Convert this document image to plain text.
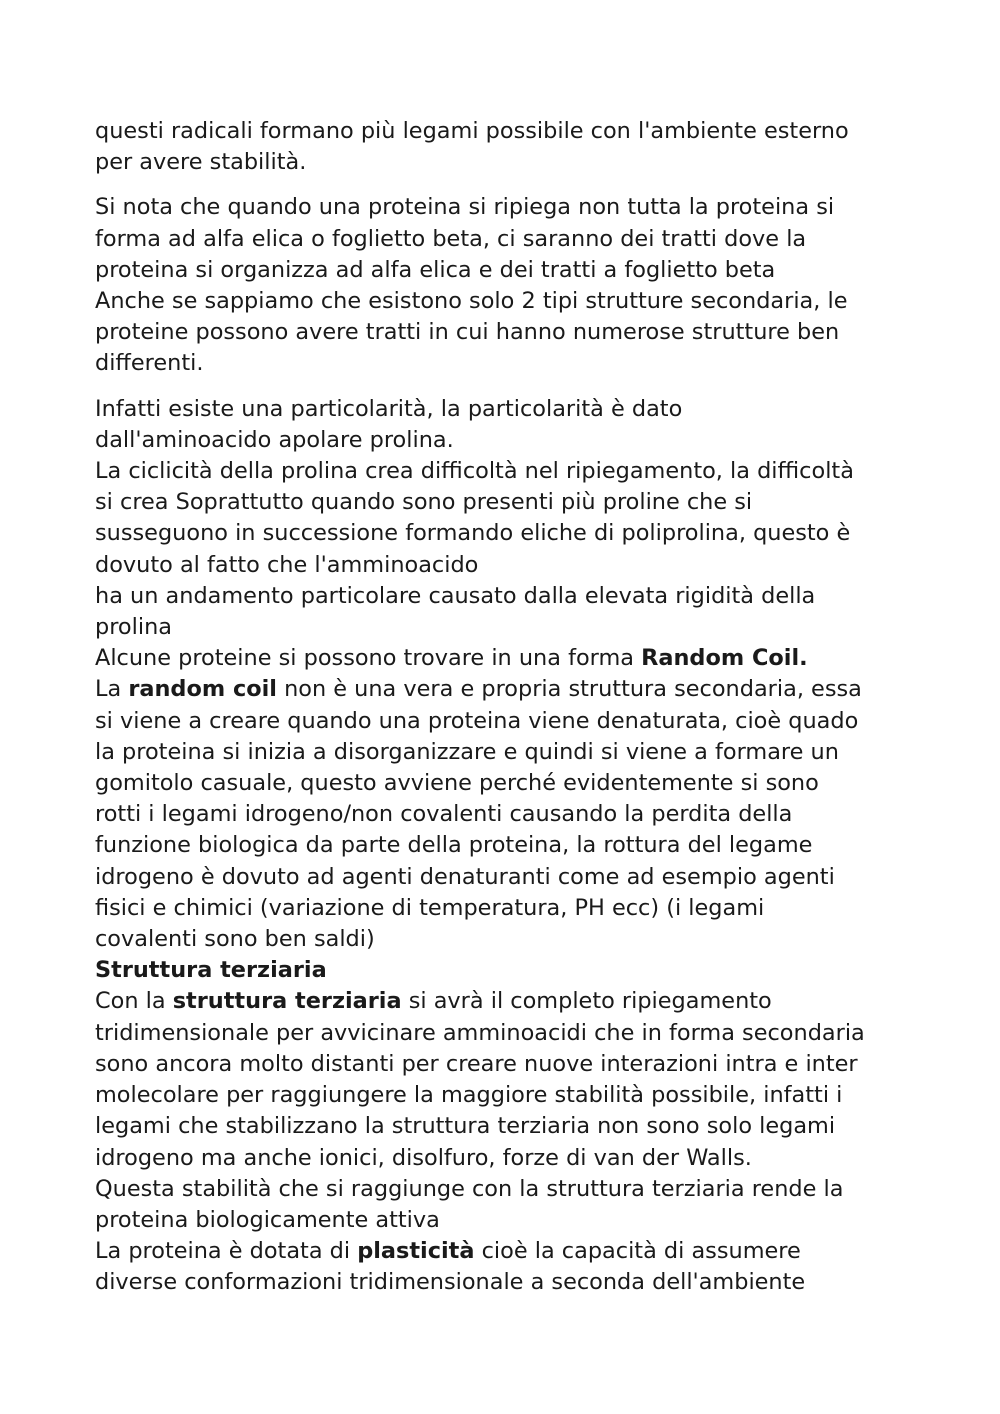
questi radicali formano più legami possibile con l'ambiente esterno
per avere stabilità.

Si nota che quando una proteina si ripiega non tutta la proteina si
forma ad alfa elica o foglietto beta, ci saranno dei tratti dove la
proteina si organizza ad alfa elica e dei tratti a foglietto beta
Anche se sappiamo che esistono solo 2 tipi strutture secondaria, le
proteine possono avere tratti in cui hanno numerose strutture ben
differenti.

Infatti esiste una particolarità, la particolarità è dato
dall'aminoacido apolare prolina.
La ciclicità della prolina crea difficoltà nel ripiegamento, la difficoltà
si crea Soprattutto quando sono presenti più proline che si
susseguono in successione formando eliche di poliprolina, questo è
dovuto al fatto che l'amminoacido
ha un andamento particolare causato dalla elevata rigidità della
prolina
Alcune proteine si possono trovare in una forma Random Coil.
La random coil non è una vera e propria struttura secondaria, essa
si viene a creare quando una proteina viene denaturata, cioè quado
la proteina si inizia a disorganizzare e quindi si viene a formare un
gomitolo casuale, questo avviene perché evidentemente si sono
rotti i legami idrogeno/non covalenti causando la perdita della
funzione biologica da parte della proteina, la rottura del legame
idrogeno è dovuto ad agenti denaturanti come ad esempio agenti
fisici e chimici (variazione di temperatura, PH ecc) (i legami
covalenti sono ben saldi)
Struttura terziaria
Con la struttura terziaria si avrà il completo ripiegamento
tridimensionale per avvicinare amminoacidi che in forma secondaria
sono ancora molto distanti per creare nuove interazioni intra e inter
molecolare per raggiungere la maggiore stabilità possibile, infatti i
legami che stabilizzano la struttura terziaria non sono solo legami
idrogeno ma anche ionici, disolfuro, forze di van der Walls.
Questa stabilità che si raggiunge con la struttura terziaria rende la
proteina biologicamente attiva
La proteina è dotata di plasticità cioè la capacità di assumere
diverse conformazioni tridimensionale a seconda dell'ambiente
